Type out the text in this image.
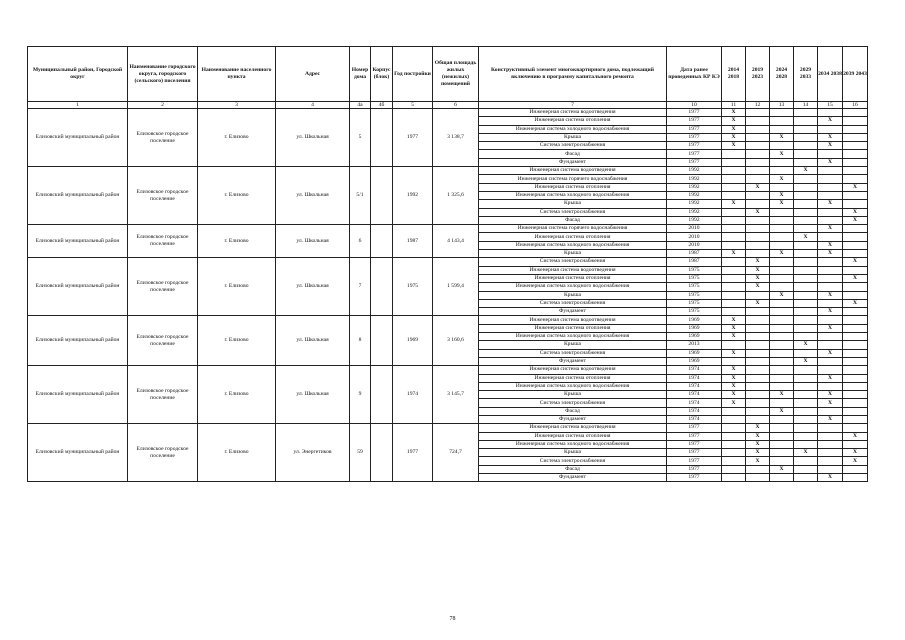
Муниципальный район, Городской округ	Наименование городского округа, городского (сельского) поселения	Наименование населенного пункта	Адрес	Номер дома	Корпус (блок)	Год постройки	Общая площадь жилых (нежилых) помещений	Конструктивный элемент многоквартирного дома, подлежащий включению в программу капитального ремонта	Дата ранее проведенных КР КЭ	2014 2018	2019 2023	2024 2028	2029 2033	2034 2038	2039 2043
1	2	3	4	4а	4б	5	6	7	10	11	12	13	14	15	16
Елизовский муниципальный район	Елизовское городское поселение	г. Елизово	ул. Школьная	5		1977	3 138,7	Инженерная система водоотведения	1977	X					
								Инженерная система отопления	1977	X				X	
								Инженерная система холодного водоснабжения	1977	X					
								Крыша	1977	X		X		X	
								Система электроснабжения	1977	X				X	
								Фасад	1977			X			
								Фундамент	1977					X	
Елизовский муниципальный район	Елизовское городское поселение	г. Елизово	ул. Школьная	5/1		1992	1 325,6	Инженерная система водоотведения	1992				X		
								Инженерная система горячего водоснабжения	1992			X			
								Инженерная система отопления	1992		X				X
								Инженерная система холодного водоснабжения	1992			X			
								Крыша	1992	X		X		X	
								Система электроснабжения	1992		X				X
								Фасад	1992						X
Елизовский муниципальный район	Елизовское городское поселение	г. Елизово	ул. Школьная	6		1987	4 143,4	Инженерная система горячего водоснабжения	2010					X	
								Инженерная система отопления	2010				X		
								Инженерная система холодного водоснабжения	2010					X	
								Крыша	1987	X		X		X	
Елизовский муниципальный район	Елизовское городское поселение	г. Елизово	ул. Школьная	7		1975	1 599,4	Система электроснабжения	1987		X				X
								Инженерная система водоотведения	1975		X				
								Инженерная система отопления	1975		X				X
								Инженерная система холодного водоснабжения	1975		X				
								Крыша	1975			X		X	
								Система электроснабжения	1975		X				X
								Фундамент	1975					X	
Елизовский муниципальный район	Елизовское городское поселение	г. Елизово	ул. Школьная	8		1969	3 160,6	Инженерная система водоотведения	1969	X					
								Инженерная система отопления	1969	X				X	
								Инженерная система холодного водоснабжения	1969	X					
								Крыша	2013				X		
								Система электроснабжения	1969	X				X	
								Фундамент	1969				X		
Елизовский муниципальный район	Елизовское городское поселение	г. Елизово	ул. Школьная	9		1974	3 145,7	Инженерная система водоотведения	1974	X					
								Инженерная система отопления	1974	X				X	
								Инженерная система холодного водоснабжения	1974	X					
								Крыша	1974	X		X		X	
								Система электроснабжения	1974	X				X	
								Фасад	1974			X			
								Фундамент	1974					X	
Елизовский муниципальный район	Елизовское городское поселение	г. Елизово	ул. Энергетиков	59		1977	724,7	Инженерная система водоотведения	1977		X				
								Инженерная система отопления	1977		X				X
								Инженерная система холодного водоснабжения	1977		X				
								Крыша	1977		X		X		X
								Система электроснабжения	1977		X				X
								Фасад	1977			X			
								Фундамент	1977					X	
78
